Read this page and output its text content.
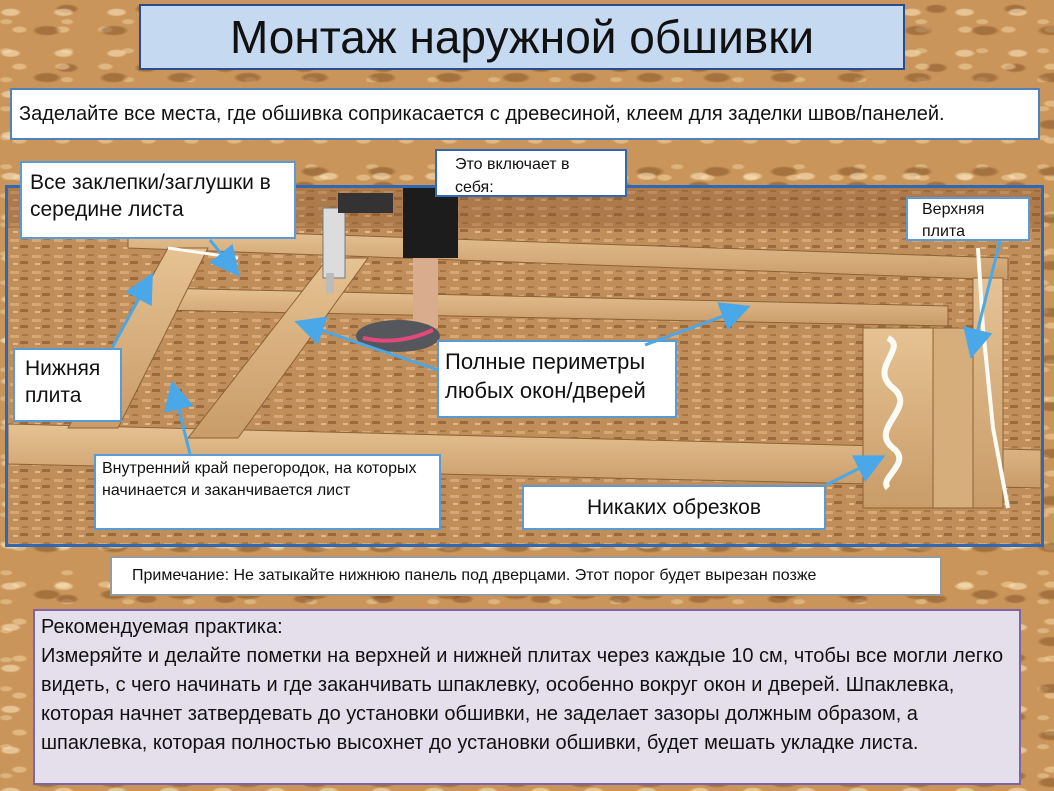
Монтаж наружной обшивки
Заделайте все места, где обшивка соприкасается с древесиной, клеем для заделки швов/панелей.
Все заклепки/заглушки в середине листа
Это включает в себя:
Верхняя плита
Нижняя плита
Полные периметры любых окон/дверей
Внутренний край перегородок, на которых начинается и заканчивается лист
Никаких обрезков
Примечание: Не затыкайте нижнюю панель под дверцами. Этот порог будет вырезан позже
Рекомендуемая практика:
Измеряйте и делайте пометки на верхней и нижней плитах через каждые 10 см, чтобы все могли легко видеть, с чего начинать и где заканчивать шпаклевку, особенно вокруг окон и дверей. Шпаклевка, которая начнет затвердевать до установки обшивки, не заделает зазоры должным образом, а шпаклевка, которая полностью высохнет до установки обшивки, будет мешать укладке листа.
